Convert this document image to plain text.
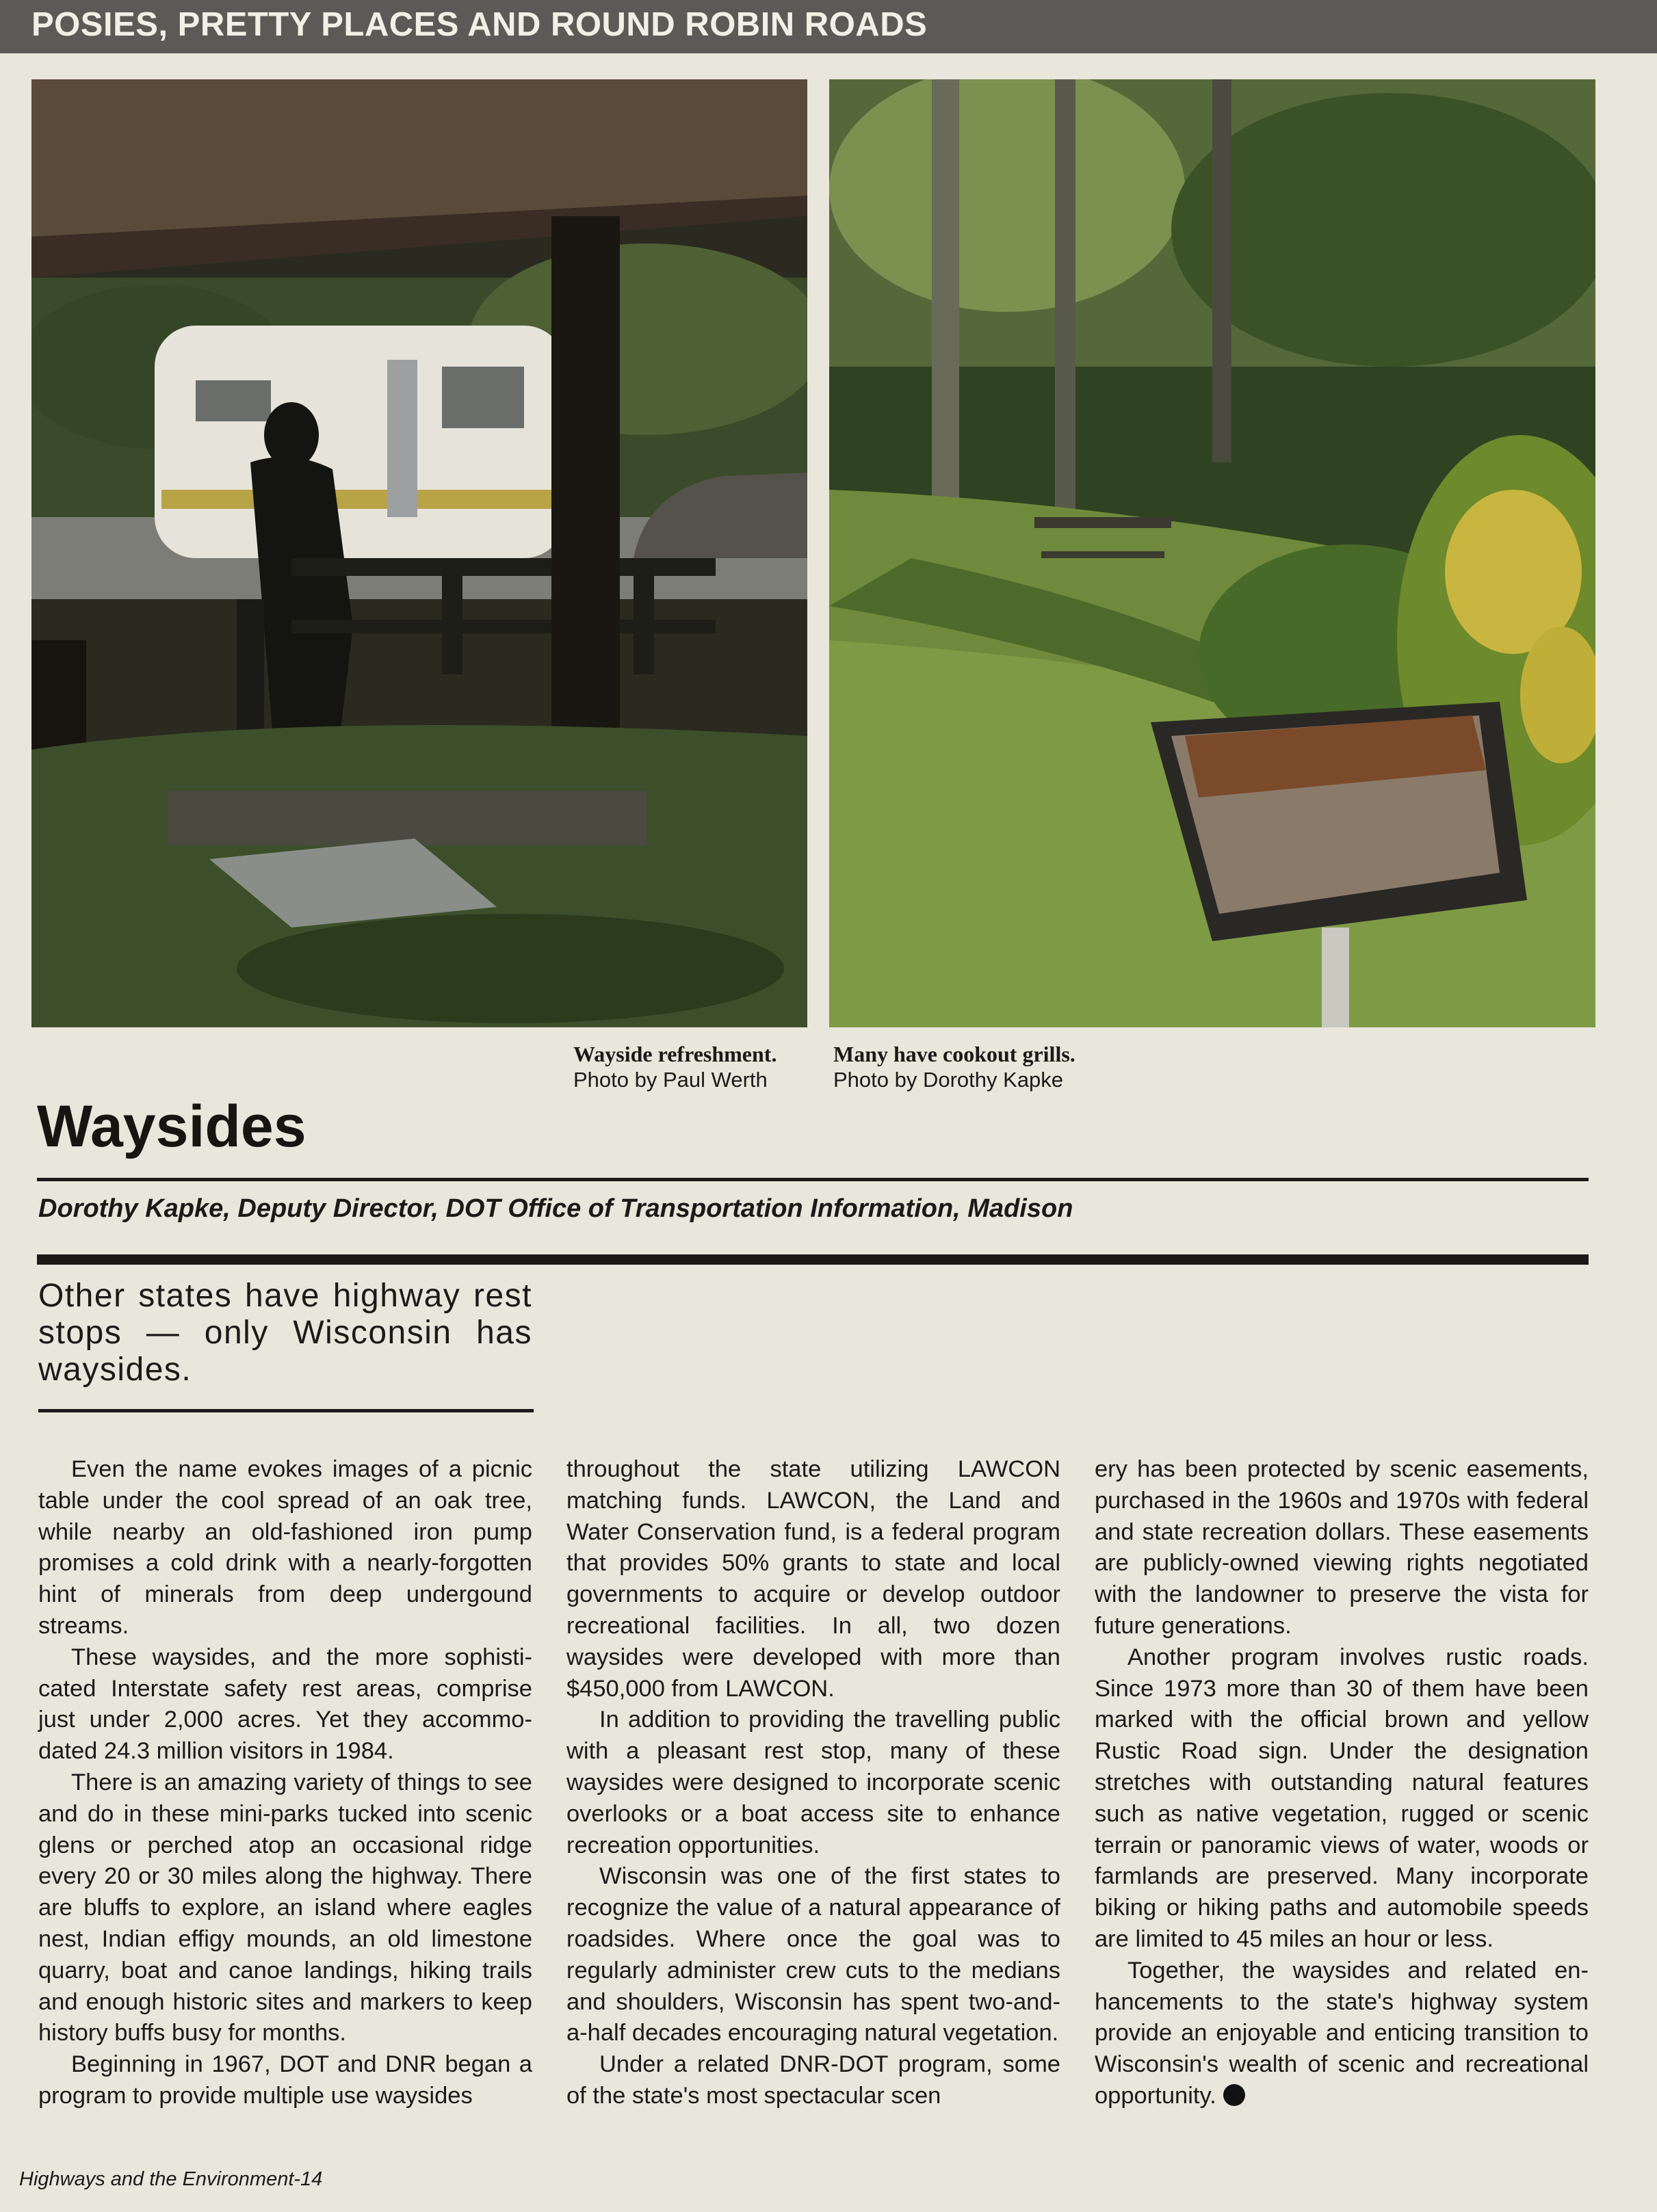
POSIES, PRETTY PLACES AND ROUND ROBIN ROADS
Wayside refreshment.
Photo by Paul Werth
Many have cookout grills.
Photo by Dorothy Kapke
Waysides
Dorothy Kapke, Deputy Director, DOT Office of Transportation Information, Madison
Other states have highway rest stops — only Wisconsin has waysides.

Even the name evokes images of a picnic table under the cool spread of an oak tree, while nearby an old-fashioned iron pump promises a cold drink with a nearly-forgotten hint of minerals from deep undergound streams.

These waysides, and the more sophisticated Interstate safety rest areas, comprise just under 2,000 acres. Yet they accommodated 24.3 million visitors in 1984.

There is an amazing variety of things to see and do in these mini-parks tucked into scenic glens or perched atop an occasional ridge every 20 or 30 miles along the highway. There are bluffs to explore, an island where eagles nest, Indian effigy mounds, an old limestone quarry, boat and canoe landings, hiking trails and enough historic sites and markers to keep history buffs busy for months.

Beginning in 1967, DOT and DNR began a program to provide multiple use waysides

throughout the state utilizing LAWCON matching funds. LAWCON, the Land and Water Conservation fund, is a federal program that provides 50% grants to state and local governments to acquire or develop outdoor recreational facilities. In all, two dozen waysides were developed with more than $450,000 from LAWCON.

In addition to providing the travelling public with a pleasant rest stop, many of these waysides were designed to incorporate scenic overlooks or a boat access site to enhance recreation opportunities.

Wisconsin was one of the first states to recognize the value of a natural appearance of roadsides. Where once the goal was to regularly administer crew cuts to the medians and shoulders, Wisconsin has spent two-and-a-half decades encouraging natural vegetation.

Under a related DNR-DOT program, some of the state's most spectacular scen

ery has been protected by scenic easements, purchased in the 1960s and 1970s with federal and state recreation dollars. These easements are publicly-owned viewing rights negotiated with the landowner to preserve the vista for future generations.

Another program involves rustic roads. Since 1973 more than 30 of them have been marked with the official brown and yellow Rustic Road sign. Under the designation stretches with outstanding natural features such as native vegetation, rugged or scenic terrain or panoramic views of water, woods or farmlands are preserved. Many incorporate biking or hiking paths and automobile speeds are limited to 45 miles an hour or less.

Together, the waysides and related enhancements to the state's highway system provide an enjoyable and enticing transition to Wisconsin's wealth of scenic and recreational opportunity.

Highways and the Environment-14
